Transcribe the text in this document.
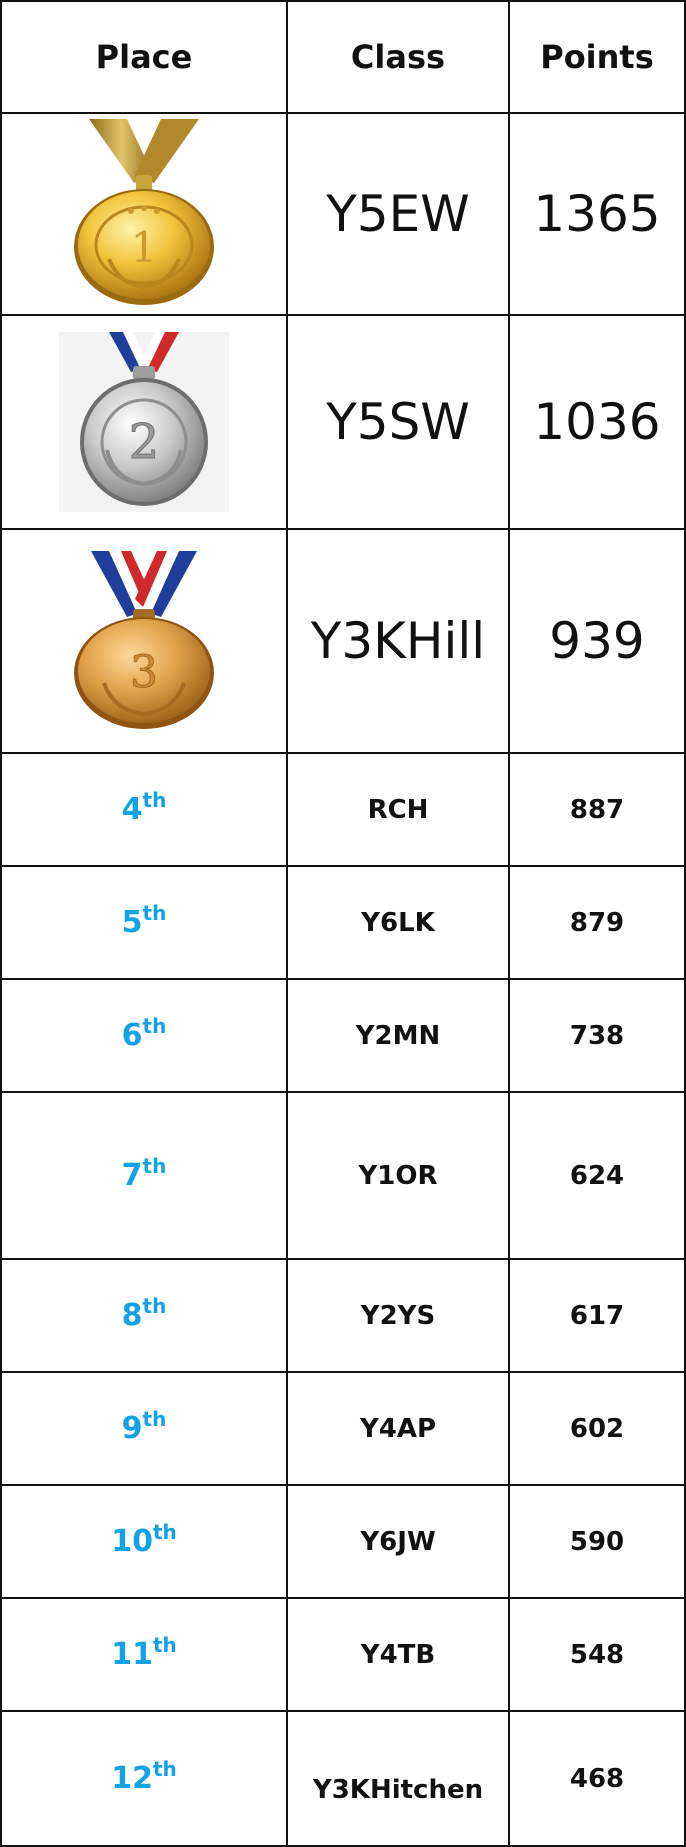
Place	Class	Points

1	Y5EW	1365

2	Y5SW	1036

3	Y3KHill	939
4th	RCH	887
5th	Y6LK	879
6th	Y2MN	738
7th	Y1OR	624
8th	Y2YS	617
9th	Y4AP	602
10th	Y6JW	590
11th	Y4TB	548
12th	Y3KHitchen	468
